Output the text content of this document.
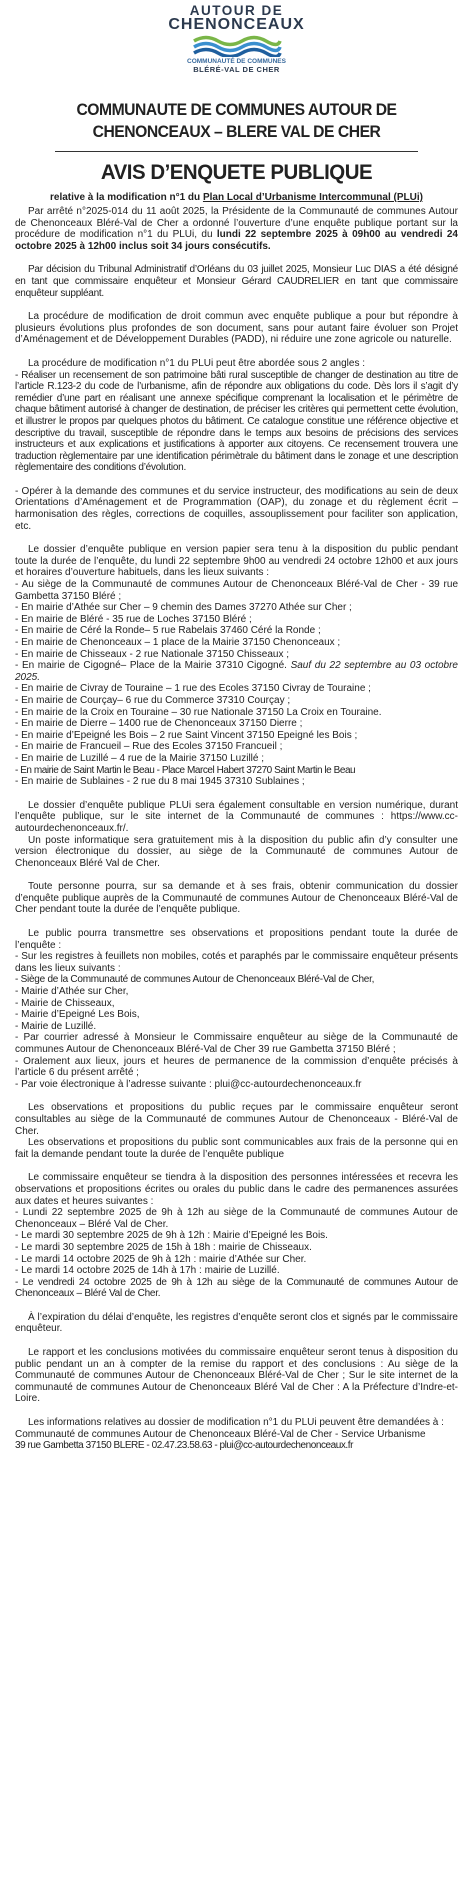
AUTOUR DE
CHENONCEAUX
COMMUNAUTÉ DE COMMUNES
BLÉRÉ-VAL DE CHER
COMMUNAUTE DE COMMUNES AUTOUR DE CHENONCEAUX – BLERE VAL DE CHER
AVIS D’ENQUETE PUBLIQUE
relative à la modification n°1 du Plan Local d’Urbanisme Intercommunal (PLUi)

Par arrêté n°2025-014 du 11 août 2025, la Présidente de la Communauté de communes Autour de Chenonceaux Bléré-Val de Cher a ordonné l’ouverture d’une enquête publique portant sur la procédure de modification n°1 du PLUi, du lundi 22 septembre 2025 à 09h00 au vendredi 24 octobre 2025 à 12h00 inclus soit 34 jours consécutifs.

Par décision du Tribunal Administratif d’Orléans du 03 juillet 2025, Monsieur Luc DIAS a été désigné en tant que commissaire enquêteur et Monsieur Gérard CAUDRELIER en tant que commissaire enquêteur suppléant.

La procédure de modification de droit commun avec enquête publique a pour but répondre à plusieurs évolutions plus profondes de son document, sans pour autant faire évoluer son Projet d’Aménagement et de Développement Durables (PADD), ni réduire une zone agricole ou naturelle.

La procédure de modification n°1 du PLUi peut être abordée sous 2 angles :

- Réaliser un recensement de son patrimoine bâti rural susceptible de changer de destination au titre de l’article R.123-2 du code de l’urbanisme, afin de répondre aux obligations du code. Dès lors il s’agit d’y remédier d’une part en réalisant une annexe spécifique comprenant la localisation et le périmètre de chaque bâtiment autorisé à changer de destination, de préciser les critères qui permettent cette évolution, et illustrer le propos par quelques photos du bâtiment. Ce catalogue constitue une référence objective et descriptive du travail, susceptible de répondre dans le temps aux besoins de précisions des services instructeurs et aux explications et justifications à apporter aux citoyens. Ce recensement trouvera une traduction règlementaire par une identification périmètrale du bâtiment dans le zonage et une description règlementaire des conditions d’évolution.

- Opérer à la demande des communes et du service instructeur, des modifications au sein de deux Orientations d’Aménagement et de Programmation (OAP), du zonage et du règlement écrit – harmonisation des règles, corrections de coquilles, assouplissement pour faciliter son application, etc.

Le dossier d’enquête publique en version papier sera tenu à la disposition du public pendant toute la durée de l’enquête, du lundi 22 septembre 9h00 au vendredi 24 octobre 12h00 et aux jours et horaires d’ouverture habituels, dans les lieux suivants :

- Au siège de la Communauté de communes Autour de Chenonceaux Bléré-Val de Cher - 39 rue Gambetta 37150 Bléré ;

- En mairie d’Athée sur Cher – 9 chemin des Dames 37270 Athée sur Cher ;

- En mairie de Bléré - 35 rue de Loches 37150 Bléré ;

- En mairie de Céré la Ronde– 5 rue Rabelais 37460 Céré la Ronde ;

- En mairie de Chenonceaux – 1 place de la Mairie 37150 Chenonceaux ;

- En mairie de Chisseaux - 2 rue Nationale 37150 Chisseaux ;

- En mairie de Cigogné– Place de la Mairie 37310 Cigogné. Sauf du 22 septembre au 03 octobre 2025.

- En mairie de Civray de Touraine – 1 rue des Ecoles 37150 Civray de Touraine ;

- En mairie de Courçay– 6 rue du Commerce 37310 Courçay ;

- En mairie de la Croix en Touraine – 30 rue Nationale 37150 La Croix en Touraine.

- En mairie de Dierre – 1400 rue de Chenonceaux 37150 Dierre ;

- En mairie d’Epeigné les Bois – 2 rue Saint Vincent 37150 Epeigné les Bois ;

- En mairie de Francueil – Rue des Ecoles 37150 Francueil ;

- En mairie de Luzillé – 4 rue de la Mairie 37150 Luzillé ;

- En mairie de Saint Martin le Beau - Place Marcel Habert 37270 Saint Martin le Beau

- En mairie de Sublaines - 2 rue du 8 mai 1945 37310 Sublaines ;

Le dossier d’enquête publique PLUi sera également consultable en version numérique, durant l’enquête publique, sur le site internet de la Communauté de communes : https://www.cc-autourdechenonceaux.fr/.

Un poste informatique sera gratuitement mis à la disposition du public afin d’y consulter une version électronique du dossier, au siège de la Communauté de communes Autour de Chenonceaux Bléré Val de Cher.

Toute personne pourra, sur sa demande et à ses frais, obtenir communication du dossier d’enquête publique auprès de la Communauté de communes Autour de Chenonceaux Bléré-Val de Cher pendant toute la durée de l’enquête publique.

Le public pourra transmettre ses observations et propositions pendant toute la durée de l’enquête :

- Sur les registres à feuillets non mobiles, cotés et paraphés par le commissaire enquêteur présents dans les lieux suivants :

- Siège de la Communauté de communes Autour de Chenonceaux Bléré-Val de Cher,

- Mairie d’Athée sur Cher,

- Mairie de Chisseaux,

- Mairie d’Epeigné Les Bois,

- Mairie de Luzillé.

- Par courrier adressé à Monsieur le Commissaire enquêteur au siège de la Communauté de communes Autour de Chenonceaux Bléré-Val de Cher 39 rue Gambetta 37150 Bléré ;

- Oralement aux lieux, jours et heures de permanence de la commission d’enquête précisés à l’article 6 du présent arrêté ;

- Par voie électronique à l’adresse suivante : plui@cc-autourdechenonceaux.fr

Les observations et propositions du public reçues par le commissaire enquêteur seront consultables au siège de la Communauté de communes Autour de Chenonceaux - Bléré-Val de Cher.

Les observations et propositions du public sont communicables aux frais de la personne qui en fait la demande pendant toute la durée de l’enquête publique

Le commissaire enquêteur se tiendra à la disposition des personnes intéressées et recevra les observations et propositions écrites ou orales du public dans le cadre des permanences assurées aux dates et heures suivantes :

- Lundi 22 septembre 2025 de 9h à 12h au siège de la Communauté de communes Autour de Chenonceaux – Bléré Val de Cher.

- Le mardi 30 septembre 2025 de 9h à 12h : Mairie d’Epeigné les Bois.

- Le mardi 30 septembre 2025 de 15h à 18h : mairie de Chisseaux.

- Le mardi 14 octobre 2025 de 9h à 12h : mairie d’Athée sur Cher.

- Le mardi 14 octobre 2025 de 14h à 17h : mairie de Luzillé.

- Le vendredi 24 octobre 2025 de 9h à 12h au siège de la Communauté de communes Autour de Chenonceaux – Bléré Val de Cher.

À l’expiration du délai d’enquête, les registres d’enquête seront clos et signés par le commissaire enquêteur.

Le rapport et les conclusions motivées du commissaire enquêteur seront tenus à disposition du public pendant un an à compter de la remise du rapport et des conclusions : Au siège de la Communauté de communes Autour de Chenonceaux Bléré-Val de Cher ; Sur le site internet de la communauté de communes Autour de Chenonceaux Bléré Val de Cher : A la Préfecture d’Indre-et-Loire.

Les informations relatives au dossier de modification n°1 du PLUi peuvent être demandées à :

Communauté de communes Autour de Chenonceaux Bléré-Val de Cher - Service Urbanisme

39 rue Gambetta 37150 BLERE - 02.47.23.58.63 - plui@cc-autourdechenonceaux.fr
